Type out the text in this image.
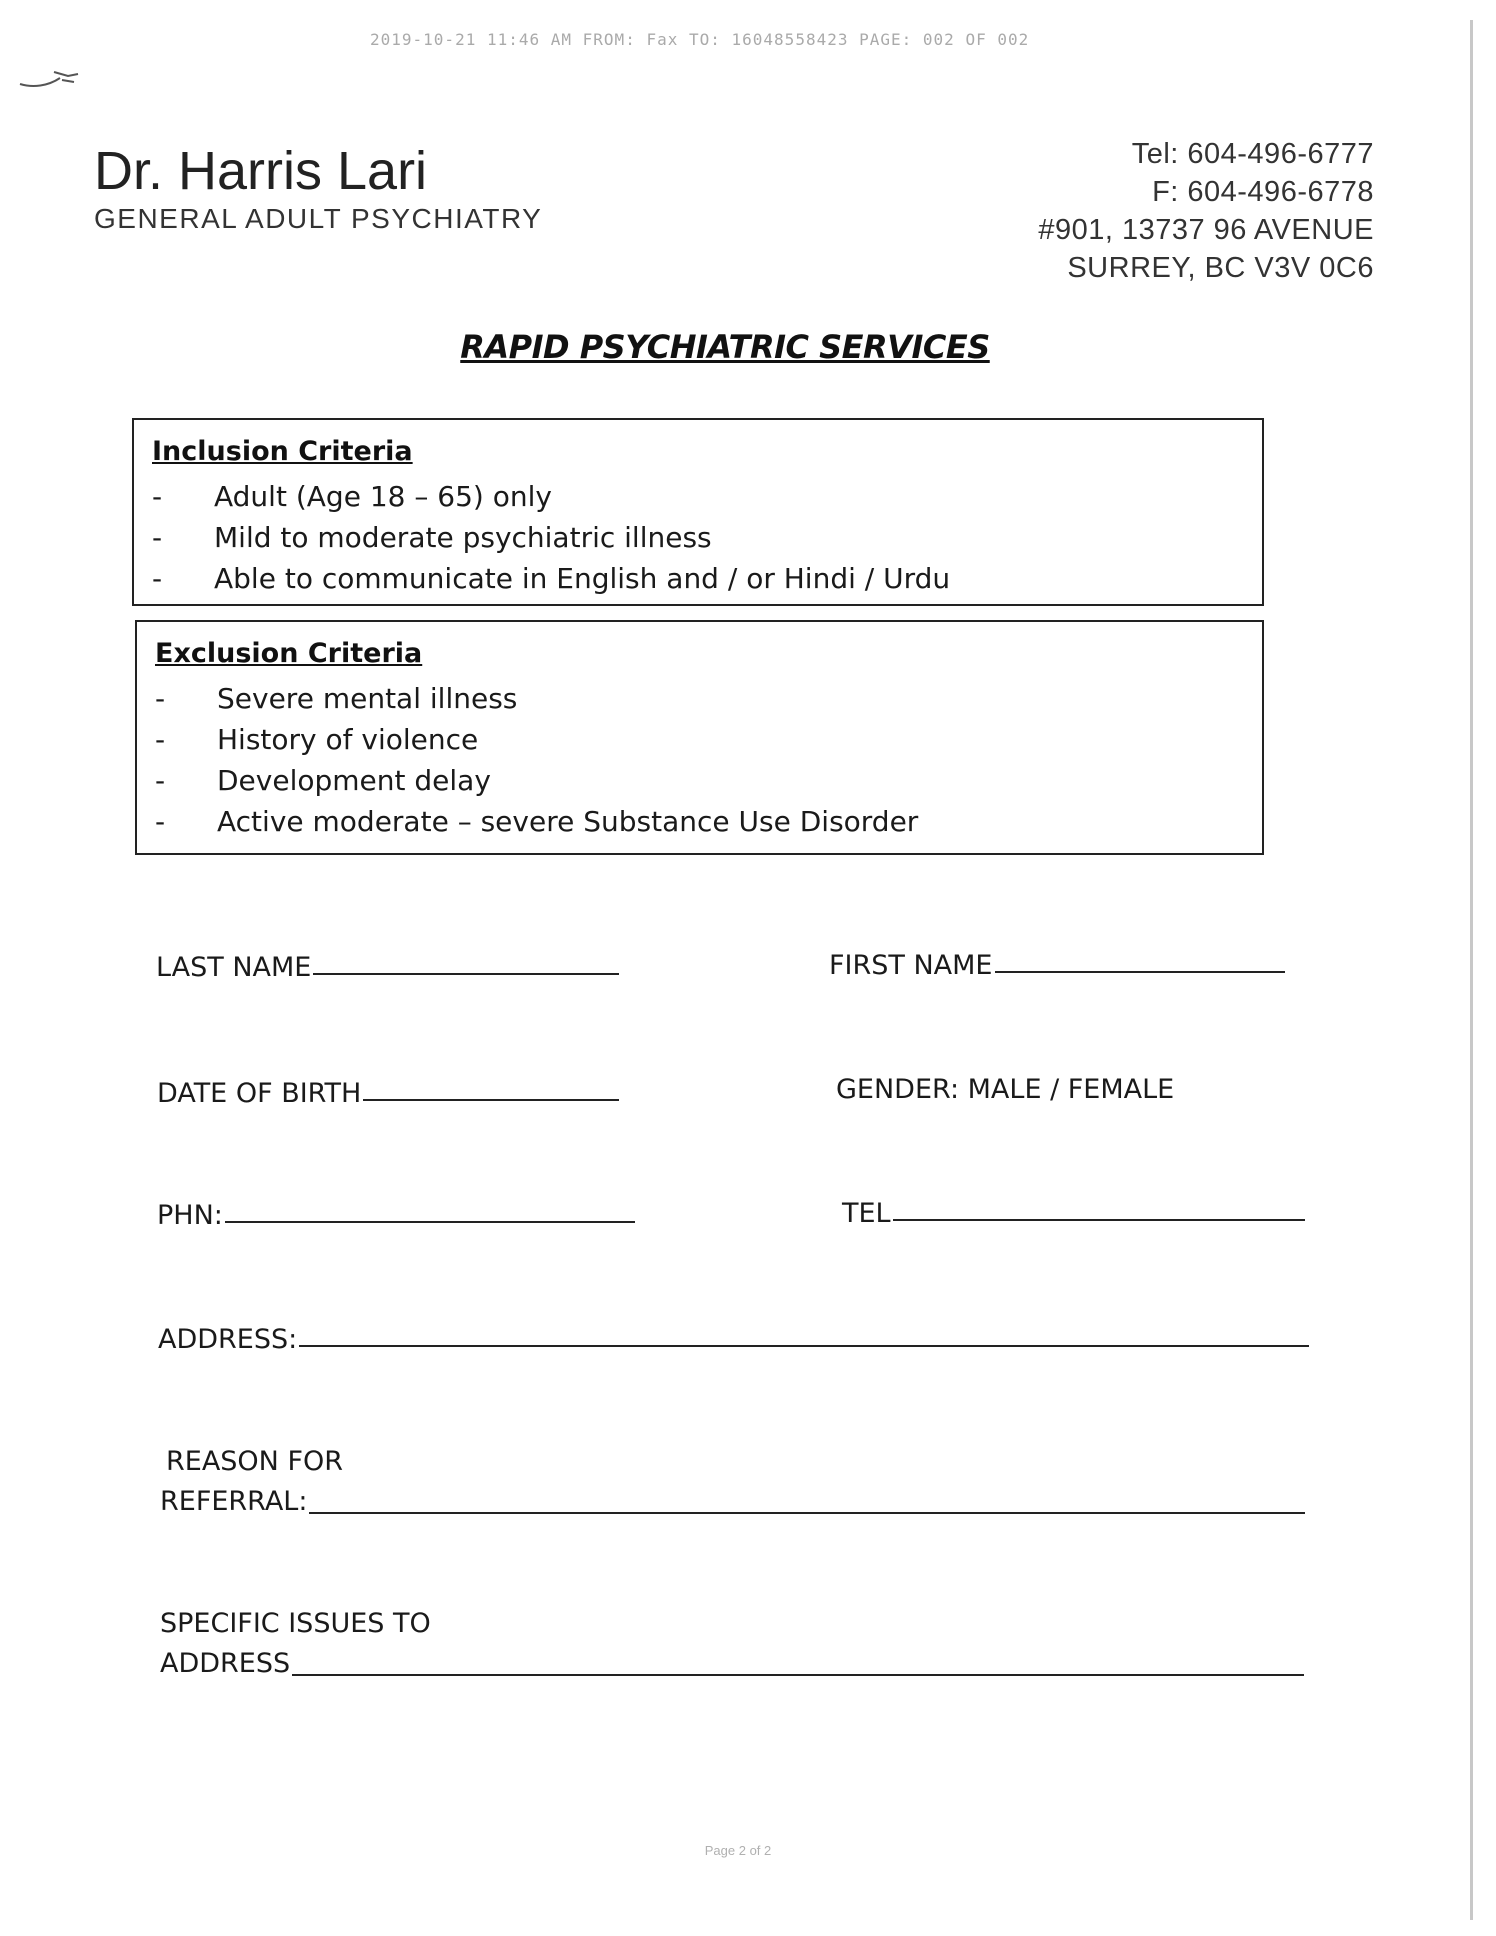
2019-10-21 11:46 AM FROM: Fax TO: 16048558423 PAGE: 002 OF 002
Dr. Harris Lari
GENERAL ADULT PSYCHIATRY
Tel: 604-496-6777
F: 604-496-6778
#901, 13737 96 AVENUE
SURREY, BC V3V 0C6
RAPID PSYCHIATRIC SERVICES
Inclusion Criteria
- Adult (Age 18 – 65) only
- Mild to moderate psychiatric illness
- Able to communicate in English and / or Hindi / Urdu
Exclusion Criteria
- Severe mental illness
- History of violence
- Development delay
- Active moderate – severe Substance Use Disorder
LAST NAME	FIRST NAME
DATE OF BIRTH	GENDER: MALE / FEMALE
PHN:	TEL
ADDRESS:
REASON FOR
REFERRAL:
SPECIFIC ISSUES TO
ADDRESS
Page 2 of 2
